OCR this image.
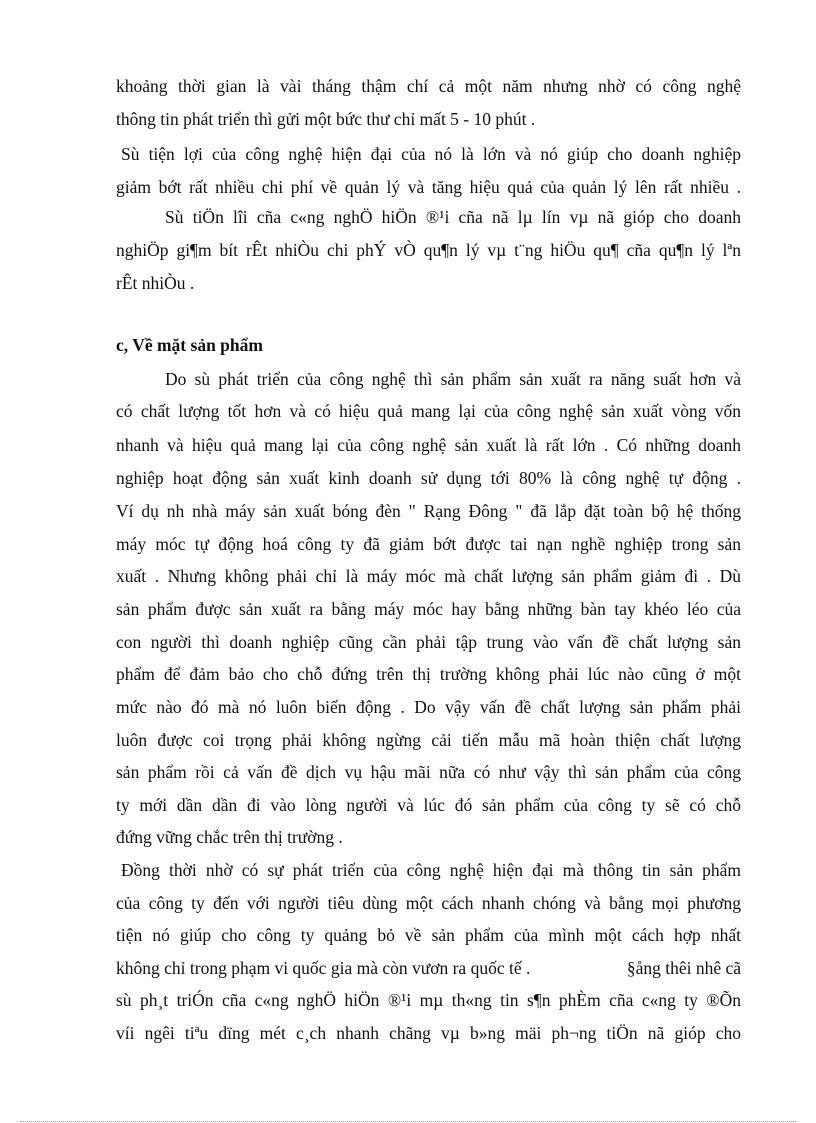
khoảng thời gian là vài tháng thậm chí cả một năm nhưng nhờ có công nghệ
thông tin phát triển thì gửi một bức thư chỉ mất 5 - 10 phút .
Sù tiện lợi của công nghệ hiện đại của nó là lớn và nó giúp cho doanh nghiệp
giảm bớt rất nhiều chi phí về quản lý và tăng hiệu quả của quản lý lên rất nhiều .
Sù tiÖn lîi cña c«ng nghÖ hiÖn ®¹i cña nã lµ lín vµ nã gióp cho doanh
nghiÖp gi¶m bít rÊt nhiÒu chi phÝ vÒ qu¶n lý vµ t¨ng hiÖu qu¶ cña qu¶n lý lªn
rÊt nhiÒu .
c, Về mặt sản phẩm
Do sù phát triển của công nghệ thì sản phẩm sản xuất ra năng suất hơn và
có chất lượng tốt hơn và có hiệu quả mang lại của công nghệ sản xuất vòng vốn
nhanh và hiệu quả mang lại của công nghệ sản xuất là rất lớn . Có những doanh
nghiệp hoạt động sản xuất kinh doanh sử dụng tới 80% là công nghệ tự động .
Ví dụ nh nhà máy sản xuất bóng đèn " Rạng Đông " đã lắp đặt toàn bộ hệ thống
máy móc tự động hoá công ty đã giảm bớt được tai nạn nghề nghiệp trong sản
xuất . Nhưng không phải chỉ là máy móc mà chất lượng sản phẩm giảm đi . Dù
sản phẩm được sản xuất ra bằng máy móc hay bằng những bàn tay khéo léo của
con người thì doanh nghiệp cũng cần phải tập trung vào vấn đề chất lượng sản
phẩm để đảm bảo cho chỗ đứng trên thị trường không phải lúc nào cũng ở một
mức nào đó mà nó luôn biến động . Do vậy vấn đề chất lượng sản phẩm phải
luôn được coi trọng phải không ngừng cải tiến mẫu mã hoàn thiện chất lượng
sản phẩm rồi cả vấn đề dịch vụ hậu mãi nữa có như vậy thì sản phẩm của công
ty mới dần dần đi vào lòng người và lúc đó sản phẩm của công ty sẽ có chỗ
đứng vững chắc trên thị trường .
Đồng thời nhờ có sự phát triển của công nghệ hiện đại mà thông tin sản phẩm
của công ty đến với người tiêu dùng một cách nhanh chóng và bằng mọi phương
tiện nó giúp cho công ty quảng bỏ về sản phẩm của mình một cách hợp nhất
không chỉ trong phạm vi quốc gia mà còn vươn ra quốc tế .	§ång thêi nhê cã
sù ph¸t triÓn cña c«ng nghÖ hiÖn ®¹i mµ th«ng tin s¶n phÈm cña c«ng ty ®Õn
víi ngêi tiªu dïng mét c¸ch nhanh chãng vµ b»ng mäi ph¬ng tiÖn nã gióp cho
